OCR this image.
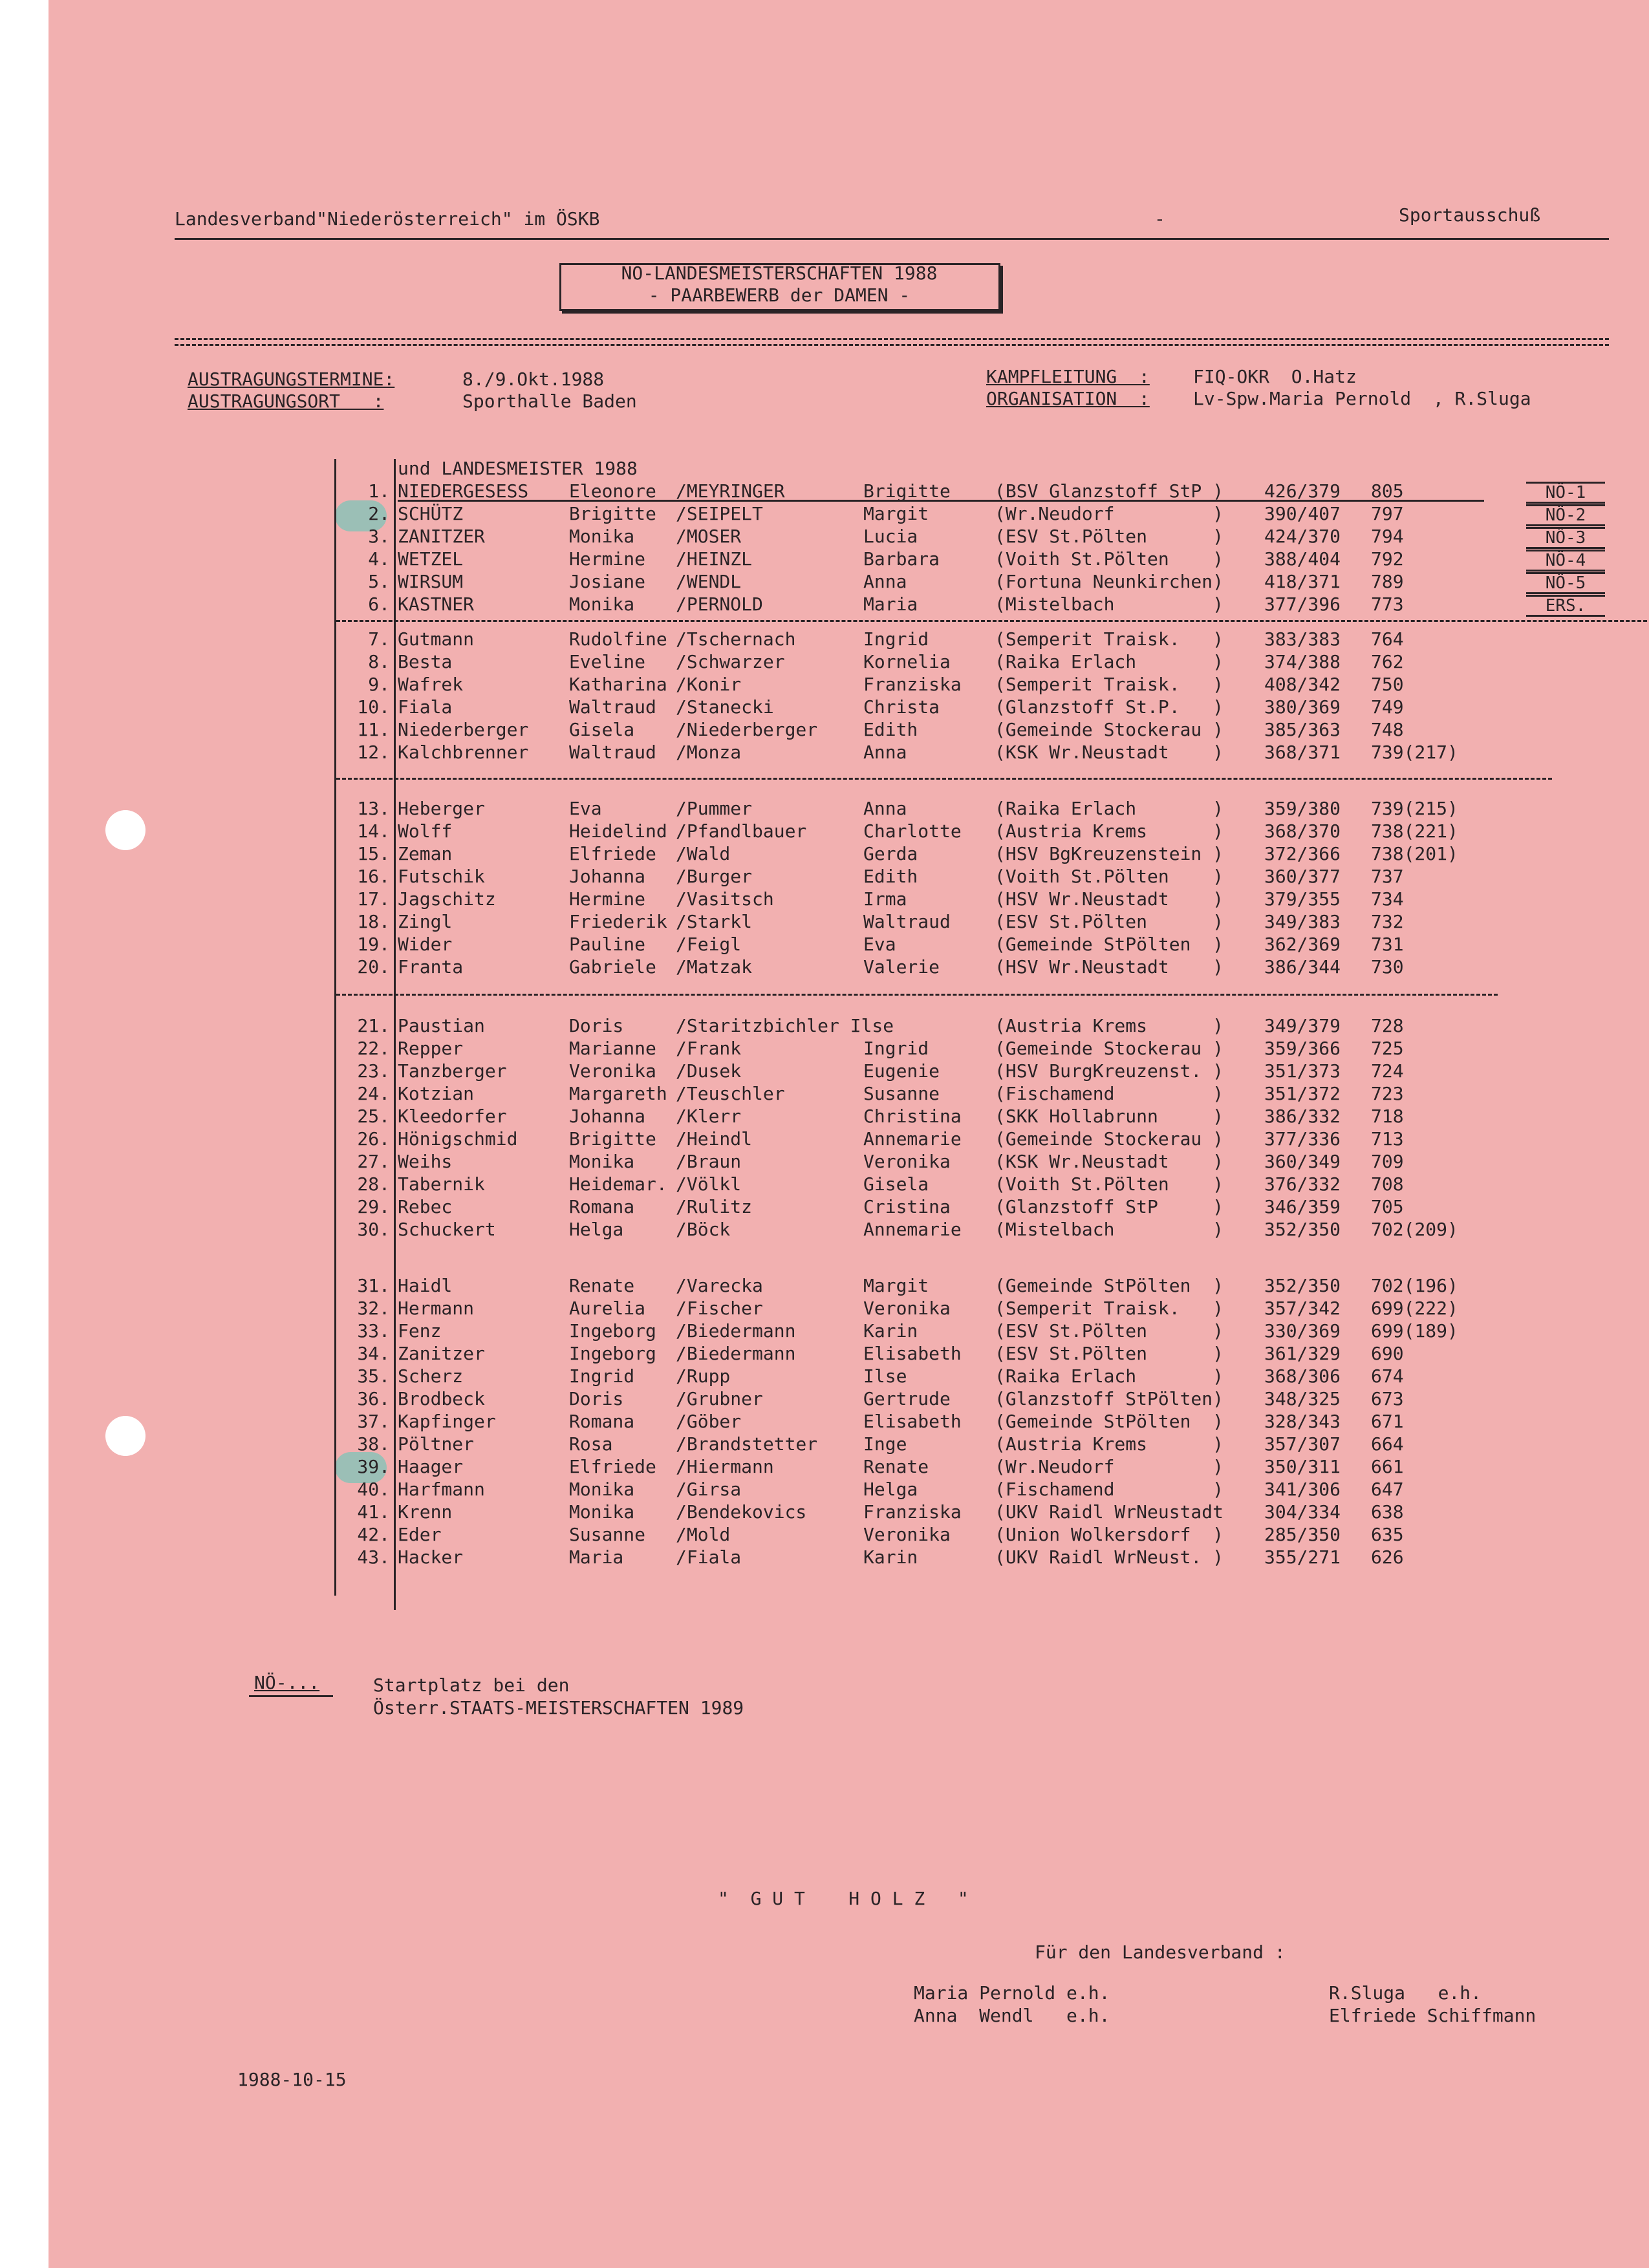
Landesverband"Niederösterreich" im ÖSKB	-	Sportausschuß
NÖ-LANDESMEISTERSCHAFTEN 1988
- PAARBEWERB der DAMEN -
AUSTRAGUNGSTERMINE:	8./9.Okt.1988
AUSTRAGUNGSORT   :	Sporthalle Baden
KAMPFLEITUNG  : FIQ-OKR  O.Hatz
ORGANISATION  : Lv-Spw.Maria Pernold  , R.Sluga
und LANDESMEISTER 1988
1. NIEDERGESESS Eleonore /MEYRINGER	Brigitte (BSV Glanzstoff StP ) 426/379 805	NÖ-1
2. SCHÜTZ	Brigitte /SEIPELT	Margit	(Wr.Neudorf         ) 390/407 797	NÖ-2
3. ZANITZER	Monika /MOSER	Lucia	(ESV St.Pölten      ) 424/370 794	NÖ-3
4. WETZEL	Hermine /HEINZL	Barbara	(Voith St.Pölten    ) 388/404 792	NÖ-4
5. WIRSUM	Josiane /WENDL	Anna	(Fortuna Neunkirchen) 418/371 789	NÖ-5
6. KASTNER	Monika /PERNOLD	Maria	(Mistelbach         ) 377/396 773	ERS.
7. Gutmann	Rudolfine /Tschernach	Ingrid	(Semperit Traisk.   ) 383/383 764
8. Besta	Eveline /Schwarzer	Kornelia (Raika Erlach       ) 374/388 762
9. Wafrek	Katharina /Konir	Franziska (Semperit Traisk.   ) 408/342 750
10. Fiala	Waltraud /Stanecki	Christa	(Glanzstoff St.P.   ) 380/369 749
11. Niederberger Gisela /Niederberger	Edith	(Gemeinde Stockerau ) 385/363 748
12. Kalchbrenner Waltraud /Monza	Anna	(KSK Wr.Neustadt    ) 368/371 739(217)
13. Heberger	Eva	/Pummer	Anna	(Raika Erlach       ) 359/380 739(215)
14. Wolff	Heidelind /Pfandlbauer	Charlotte (Austria Krems      ) 368/370 738(221)
15. Zeman	Elfriede /Wald	Gerda	(HSV BgKreuzenstein ) 372/366 738(201)
16. Futschik	Johanna /Burger	Edith	(Voith St.Pölten    ) 360/377 737
17. Jagschitz	Hermine /Vasitsch	Irma	(HSV Wr.Neustadt    ) 379/355 734
18. Zingl	Friederik /Starkl	Waltraud (ESV St.Pölten      ) 349/383 732
19. Wider	Pauline /Feigl	Eva	(Gemeinde StPölten  ) 362/369 731
20. Franta	Gabriele /Matzak	Valerie	(HSV Wr.Neustadt    ) 386/344 730
21. Paustian	Doris	/Staritzbichler Ilse	(Austria Krems      ) 349/379 728
22. Repper	Marianne /Frank	Ingrid	(Gemeinde Stockerau ) 359/366 725
23. Tanzberger	Veronika /Dusek	Eugenie	(HSV BurgKreuzenst. ) 351/373 724
24. Kotzian	Margareth /Teuschler	Susanne	(Fischamend         ) 351/372 723
25. Kleedorfer	Johanna /Klerr	Christina (SKK Hollabrunn     ) 386/332 718
26. Hönigschmid	Brigitte /Heindl	Annemarie (Gemeinde Stockerau ) 377/336 713
27. Weihs	Monika /Braun	Veronika (KSK Wr.Neustadt    ) 360/349 709
28. Tabernik	Heidemar. /Völkl	Gisela	(Voith St.Pölten    ) 376/332 708
29. Rebec	Romana /Rulitz	Cristina (Glanzstoff StP     ) 346/359 705
30. Schuckert	Helga	/Böck	Annemarie (Mistelbach         ) 352/350 702(209)
31. Haidl	Renate /Varecka	Margit	(Gemeinde StPölten  ) 352/350 702(196)
32. Hermann	Aurelia /Fischer	Veronika (Semperit Traisk.   ) 357/342 699(222)
33. Fenz	Ingeborg /Biedermann	Karin	(ESV St.Pölten      ) 330/369 699(189)
34. Zanitzer	Ingeborg /Biedermann	Elisabeth (ESV St.Pölten      ) 361/329 690
35. Scherz	Ingrid /Rupp	Ilse	(Raika Erlach       ) 368/306 674
36. Brodbeck	Doris	/Grubner	Gertrude (Glanzstoff StPölten) 348/325 673
37. Kapfinger	Romana /Göber	Elisabeth (Gemeinde StPölten  ) 328/343 671
38. Pöltner	Rosa	/Brandstetter	Inge	(Austria Krems      ) 357/307 664
39. Haager	Elfriede /Hiermann	Renate	(Wr.Neudorf         ) 350/311 661
40. Harfmann	Monika /Girsa	Helga	(Fischamend         ) 341/306 647
41. Krenn	Monika /Bendekovics	Franziska (UKV Raidl WrNeustadt 304/334 638
42. Eder	Susanne /Mold	Veronika (Union Wolkersdorf  ) 285/350 635
43. Hacker	Maria	/Fiala	Karin	(UKV Raidl WrNeust. ) 355/271 626
NÖ-...	Startplatz bei den
Österr.STAATS-MEISTERSCHAFTEN 1989
"  G U T    H O L Z   "
Für den Landesverband :
Maria Pernold e.h.
Anna  Wendl   e.h.
R.Sluga   e.h.
Elfriede Schiffmann
1988-10-15
